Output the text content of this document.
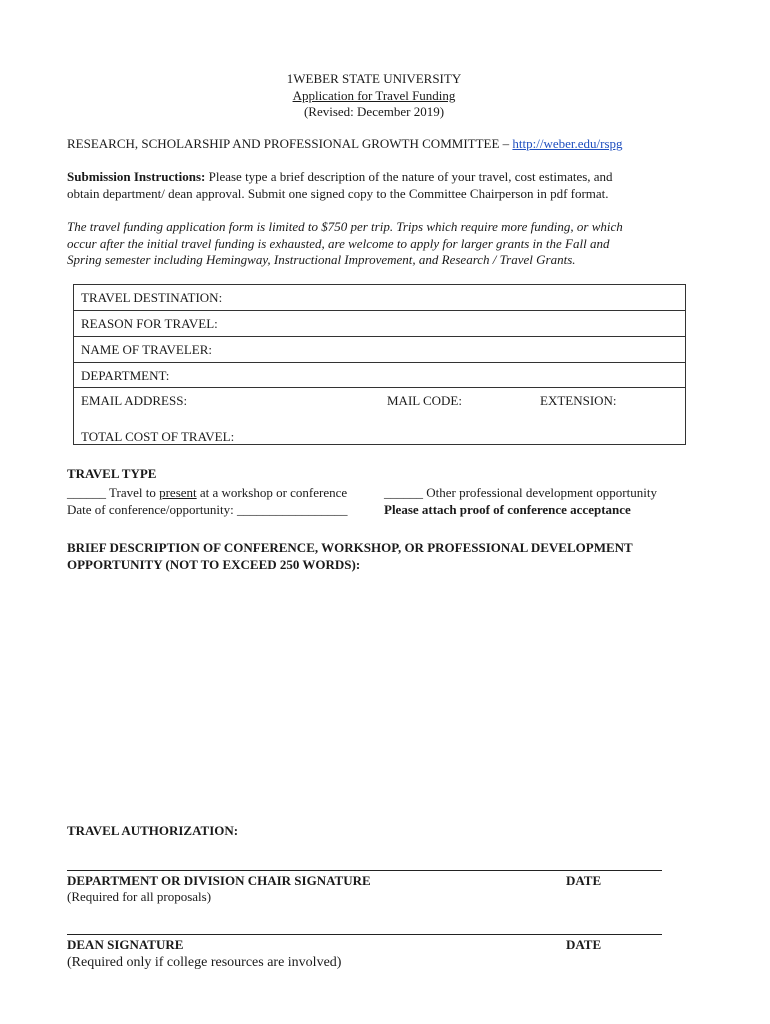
1WEBER STATE UNIVERSITY
Application for Travel Funding
(Revised: December 2019)
RESEARCH, SCHOLARSHIP AND PROFESSIONAL GROWTH COMMITTEE – http://weber.edu/rspg
Submission Instructions: Please type a brief description of the nature of your travel, cost estimates, and
obtain department/ dean approval. Submit one signed copy to the Committee Chairperson in pdf format.
The travel funding application form is limited to $750 per trip. Trips which require more funding, or which
occur after the initial travel funding is exhausted, are welcome to apply for larger grants in the Fall and
Spring semester including Hemingway, Instructional Improvement, and Research / Travel Grants.
TRAVEL DESTINATION:
REASON FOR TRAVEL:
NAME OF TRAVELER:
DEPARTMENT:
EMAIL ADDRESS:	MAIL CODE:	EXTENSION:
TOTAL COST OF TRAVEL:
TRAVEL TYPE
______ Travel to present at a workshop or conference
Date of conference/opportunity: _________________
______ Other professional development opportunity
Please attach proof of conference acceptance
BRIEF DESCRIPTION OF CONFERENCE, WORKSHOP, OR PROFESSIONAL DEVELOPMENT
OPPORTUNITY (NOT TO EXCEED 250 WORDS):
TRAVEL AUTHORIZATION:
DEPARTMENT OR DIVISION CHAIR SIGNATURE	DATE
(Required for all proposals)
DEAN SIGNATURE	DATE
(Required only if college resources are involved)
